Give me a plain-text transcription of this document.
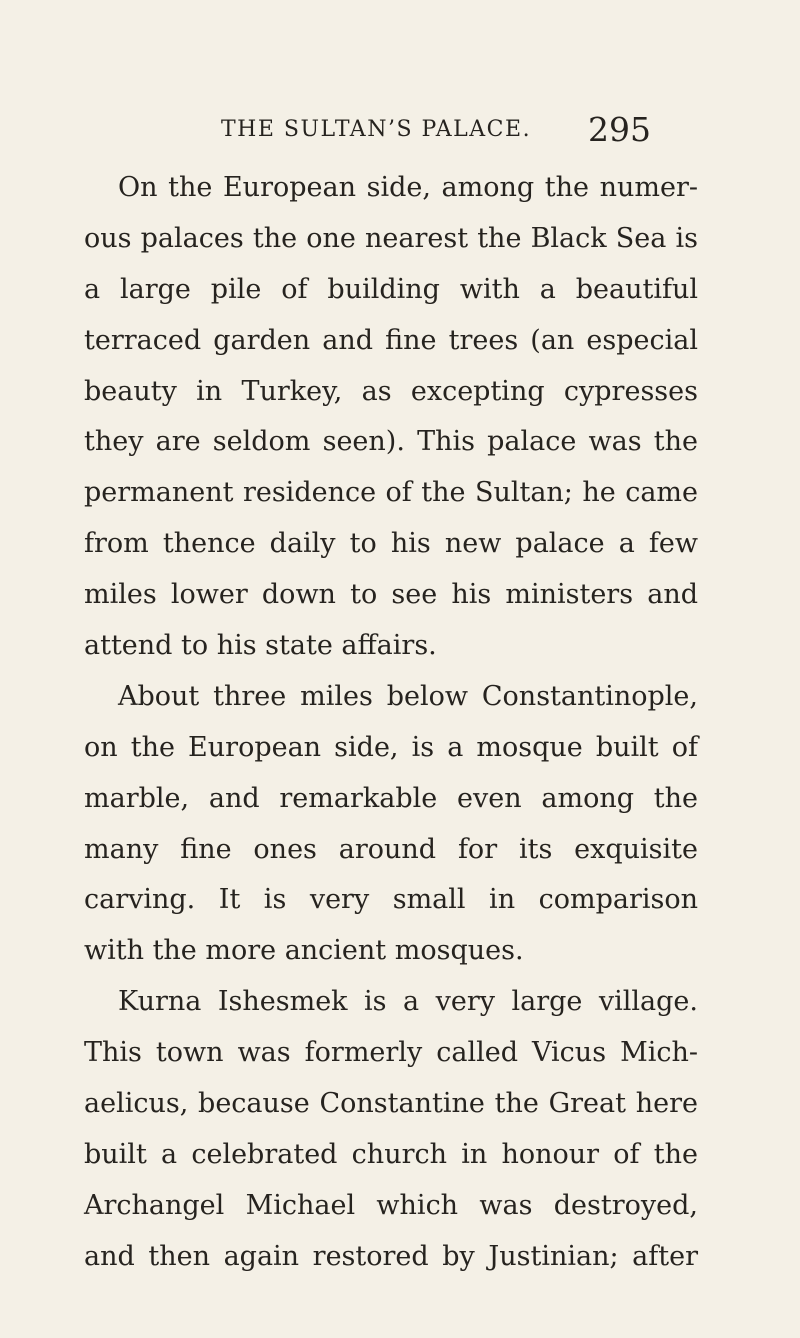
THE SULTAN’S PALACE. 295
On the European side, among the numer-
ous palaces the one nearest the Black Sea is
a large pile of building with a beautiful
terraced garden and fine trees (an especial
beauty in Turkey, as excepting cypresses
they are seldom seen). This palace was the
permanent residence of the Sultan; he came
from thence daily to his new palace a few
miles lower down to see his ministers and
attend to his state affairs.
About three miles below Constantinople,
on the European side, is a mosque built of
marble, and remarkable even among the
many fine ones around for its exquisite
carving. It is very small in comparison
with the more ancient mosques.
Kurna Ishesmek is a very large village.
This town was formerly called Vicus Mich-
aelicus, because Constantine the Great here
built a celebrated church in honour of the
Archangel Michael which was destroyed,
and then again restored by Justinian; after
